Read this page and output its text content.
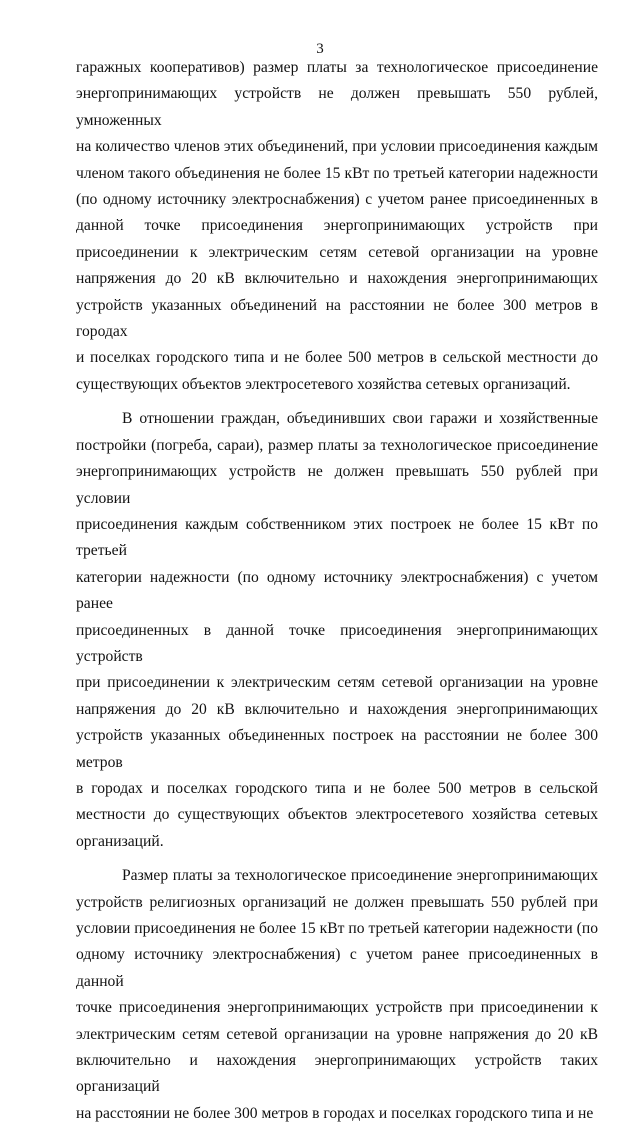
3

гаражных кооперативов) размер платы за технологическое присоединение
энергопринимающих устройств не должен превышать 550 рублей, умноженных
на количество членов этих объединений, при условии присоединения каждым
членом такого объединения не более 15 кВт по третьей категории надежности
(по одному источнику электроснабжения) с учетом ранее присоединенных в
данной точке присоединения энергопринимающих устройств при
присоединении к электрическим сетям сетевой организации на уровне
напряжения до 20 кВ включительно и нахождения энергопринимающих
устройств указанных объединений на расстоянии не более 300 метров в городах
и поселках городского типа и не более 500 метров в сельской местности до
существующих объектов электросетевого хозяйства сетевых организаций.

В отношении граждан, объединивших свои гаражи и хозяйственные
постройки (погреба, сараи), размер платы за технологическое присоединение
энергопринимающих устройств не должен превышать 550 рублей при условии
присоединения каждым собственником этих построек не более 15 кВт по третьей
категории надежности (по одному источнику электроснабжения) с учетом ранее
присоединенных в данной точке присоединения энергопринимающих устройств
при присоединении к электрическим сетям сетевой организации на уровне
напряжения до 20 кВ включительно и нахождения энергопринимающих
устройств указанных объединенных построек на расстоянии не более 300 метров
в городах и поселках городского типа и не более 500 метров в сельской
местности до существующих объектов электросетевого хозяйства сетевых
организаций.

Размер платы за технологическое присоединение энергопринимающих
устройств религиозных организаций не должен превышать 550 рублей при
условии присоединения не более 15 кВт по третьей категории надежности (по
одному источнику электроснабжения) с учетом ранее присоединенных в данной
точке присоединения энергопринимающих устройств при присоединении к
электрическим сетям сетевой организации на уровне напряжения до 20 кВ
включительно и нахождения энергопринимающих устройств таких организаций
на расстоянии не более 300 метров в городах и поселках городского типа и не
